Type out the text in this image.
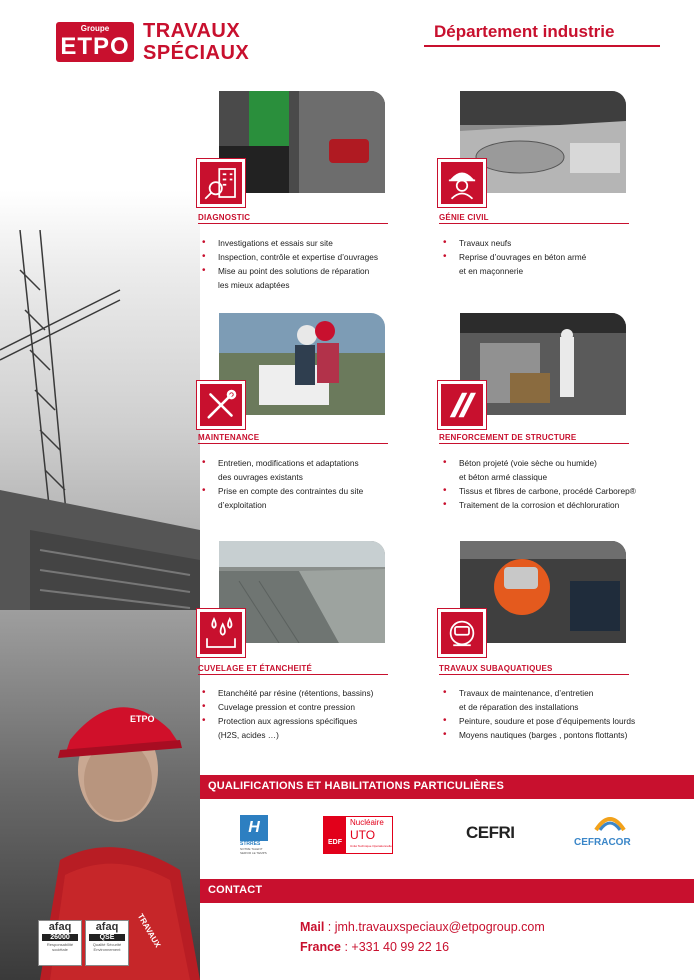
ETPO
TRAVAUX
Groupe
ETPO
TRAVAUX
SPÉCIAUX
Département industrie
DIAGNOSTIC
• Investigations et essais sur site
• Inspection, contrôle et expertise d’ouvrages
• Mise au point des solutions de réparation
les mieux adaptées
GÉNIE CIVIL
• Travaux neufs
• Reprise d’ouvrages en béton armé
et en maçonnerie
MAINTENANCE
• Entretien, modifications et adaptations
des ouvrages existants
• Prise en compte des contraintes du site
d’exploitation
RENFORCEMENT DE STRUCTURE
• Béton projeté (voie sèche ou humide)
et béton armé classique
• Tissus et fibres de carbone, procédé Carborep®
• Traitement de la corrosion et déchloruration
CUVELAGE ET ÉTANCHEITÉ
• Etanchéité par résine (rétentions, bassins)
• Cuvelage pression et contre pression
• Protection aux agressions spécifiques
(H2S, acides …)
TRAVAUX SUBAQUATIQUES
• Travaux de maintenance, d’entretien
et de réparation des installations
• Peinture, soudure et pose d’équipements lourds
• Moyens nautiques (barges , pontons flottants)
QUALIFICATIONS ET HABILITATIONS PARTICULIÈRES
H
STRRES
NOTRE TALENT SERVIR LE TEMPS
EDF
Nucléaire
UTO
Unité Technique Opérationnelle
CEFRI
CEFRACOR
CONTACT
Mail : jmh.travauxspeciaux@etpogroup.com
France : +331 40 99 22 16
afaq
26000
Responsabilité sociétale
afaq
QSE
Qualité Sécurité Environnement
